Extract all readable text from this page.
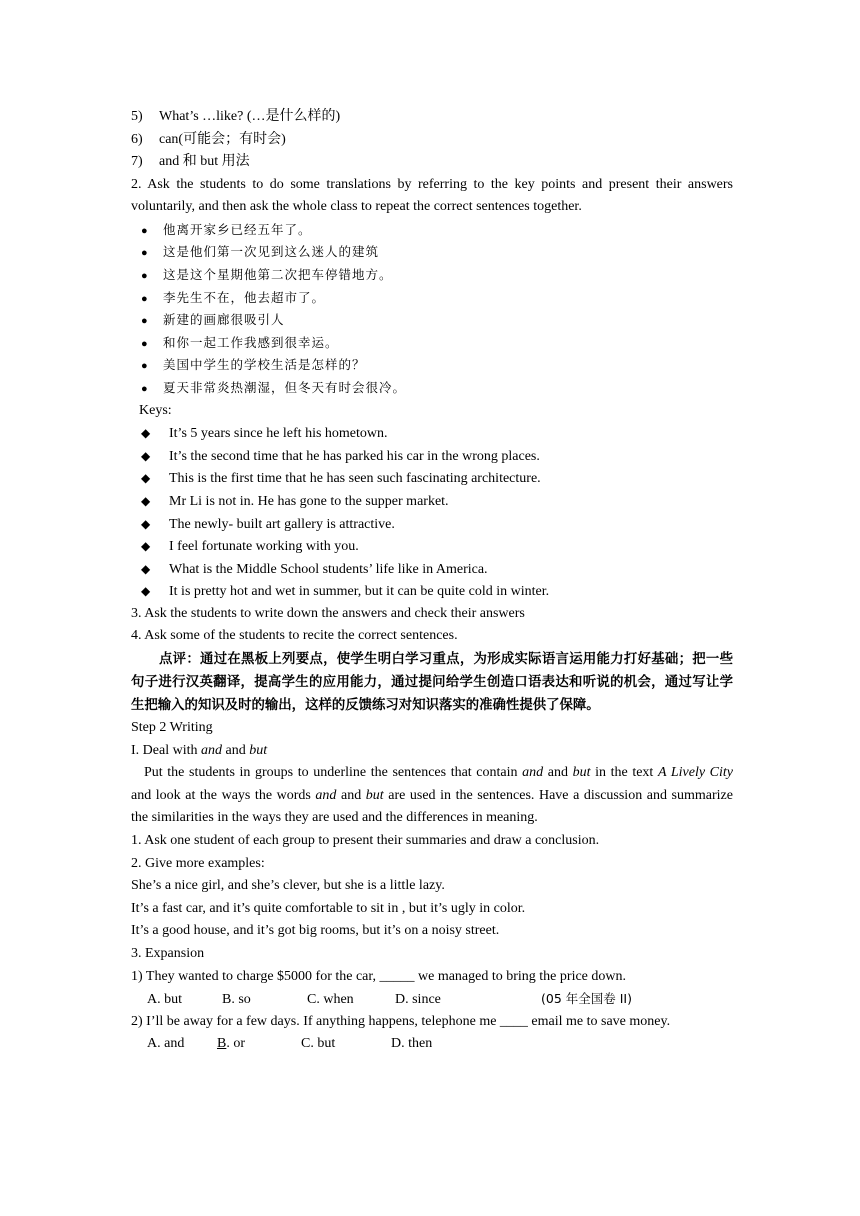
5) What’s …like? (…是什么样的)
6) can(可能会；有时会)
7) and 和 but 用法
2. Ask the students to do some translations by referring to the key points and present their answers voluntarily, and then ask the whole class to repeat the correct sentences together.
● 他离开家乡已经五年了。
● 这是他们第一次见到这么迷人的建筑
● 这是这个星期他第二次把车停错地方。
● 李先生不在，他去超市了。
● 新建的画廊很吸引人
● 和你一起工作我感到很幸运。
● 美国中学生的学校生活是怎样的？
● 夏天非常炎热潮湿，但冬天有时会很冷。
Keys:
◆ It’s 5 years since he left his hometown.
◆ It’s the second time that he has parked his car in the wrong places.
◆ This is the first time that he has seen such fascinating architecture.
◆ Mr Li is not in. He has gone to the supper market.
◆ The newly- built art gallery is attractive.
◆ I feel fortunate working with you.
◆ What is the Middle School students’ life like in America.
◆ It is pretty hot and wet in summer, but it can be quite cold in winter.
3. Ask the students to write down the answers and check their answers
4. Ask some of the students to recite the correct sentences.
点评：通过在黑板上列要点，使学生明白学习重点，为形成实际语言运用能力打好基础；把一些句子进行汉英翻译，提高学生的应用能力，通过提问给学生创造口语表达和听说的机会，通过写让学生把输入的知识及时的输出，这样的反馈练习对知识落实的准确性提供了保障。
Step 2 Writing
I. Deal with and and but
Put the students in groups to underline the sentences that contain and and but in the text A Lively City and look at the ways the words and and but are used in the sentences. Have a discussion and summarize the similarities in the ways they are used and the differences in meaning.
1. Ask one student of each group to present their summaries and draw a conclusion.
2. Give more examples:
She’s a nice girl, and she’s clever, but she is a little lazy.
It’s a fast car, and it’s quite comfortable to sit in , but it’s ugly in color.
It’s a good house, and it’s got big rooms, but it’s on a noisy street.
3. Expansion
1) They wanted to charge $5000 for the car, _____ we managed to bring the price down.
A. but	B. so	C. when	D. since	(05 年全国卷 II)
2) I’ll be away for a few days. If anything happens, telephone me ____ email me to save money.
A. and B. or	C. but	D. then
